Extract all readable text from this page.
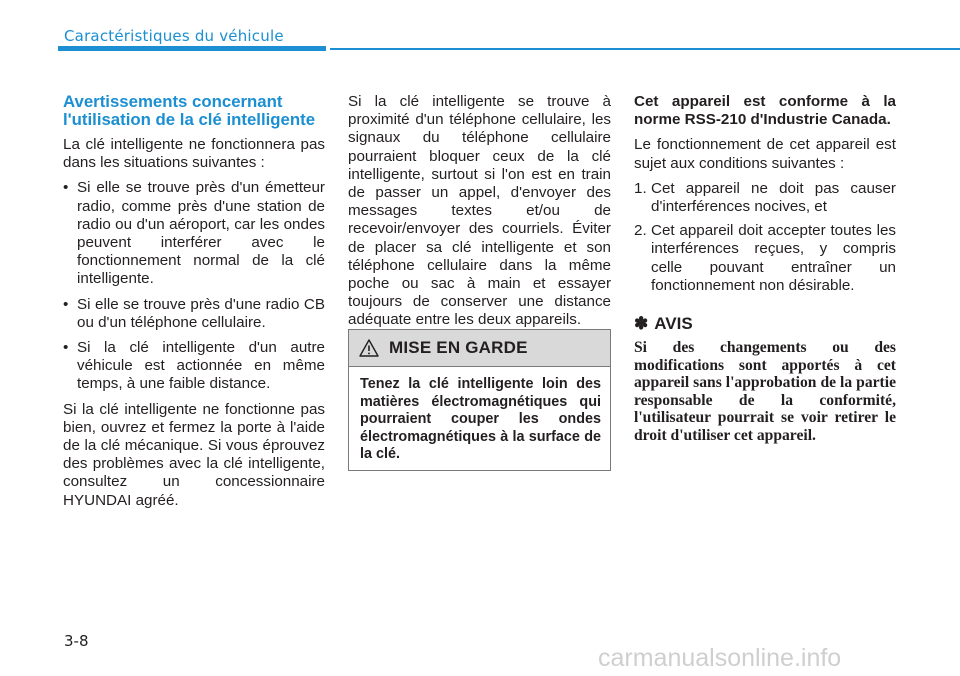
Caractéristiques du véhicule
Avertissements concernant l'utilisation de la clé intelligente

La clé intelligente ne fonctionnera pas dans les situations suivantes :

• Si elle se trouve près d'un émetteur radio, comme près d'une station de radio ou d'un aéroport, car les ondes peuvent interférer avec le fonctionnement normal de la clé intelligente.
• Si elle se trouve près d'une radio CB ou d'un téléphone cellulaire.
• Si la clé intelligente d'un autre véhicule est actionnée en même temps, à une faible distance.

Si la clé intelligente ne fonctionne pas bien, ouvrez et fermez la porte à l'aide de la clé mécanique. Si vous éprouvez des problèmes avec la clé intelligente, consultez un concessionnaire HYUNDAI agréé.

Si la clé intelligente se trouve à proximité d'un téléphone cellulaire, les signaux du téléphone cellulaire pourraient bloquer ceux de la clé intelligente, surtout si l'on est en train de passer un appel, d'envoyer des messages textes et/ou de recevoir/envoyer des courriels. Éviter de placer sa clé intelligente et son téléphone cellulaire dans la même poche ou sac à main et essayer toujours de conserver une distance adéquate entre les deux appareils.

MISE EN GARDE
Tenez la clé intelligente loin des matières électromagnétiques qui pourraient couper les ondes électromagnétiques à la surface de la clé.

Cet appareil est conforme à la norme RSS-210 d'Industrie Canada.

Le fonctionnement de cet appareil est sujet aux conditions suivantes :

1. Cet appareil ne doit pas causer d'interférences nocives, et
2. Cet appareil doit accepter toutes les interférences reçues, y compris celle pouvant entraîner un fonctionnement non désirable.
✽ AVIS
Si des changements ou des modifications sont apportés à cet appareil sans l'approbation de la partie responsable de la conformité, l'utilisateur pourrait se voir retirer le droit d'utiliser cet appareil.
3-8
carmanualsonline.info
